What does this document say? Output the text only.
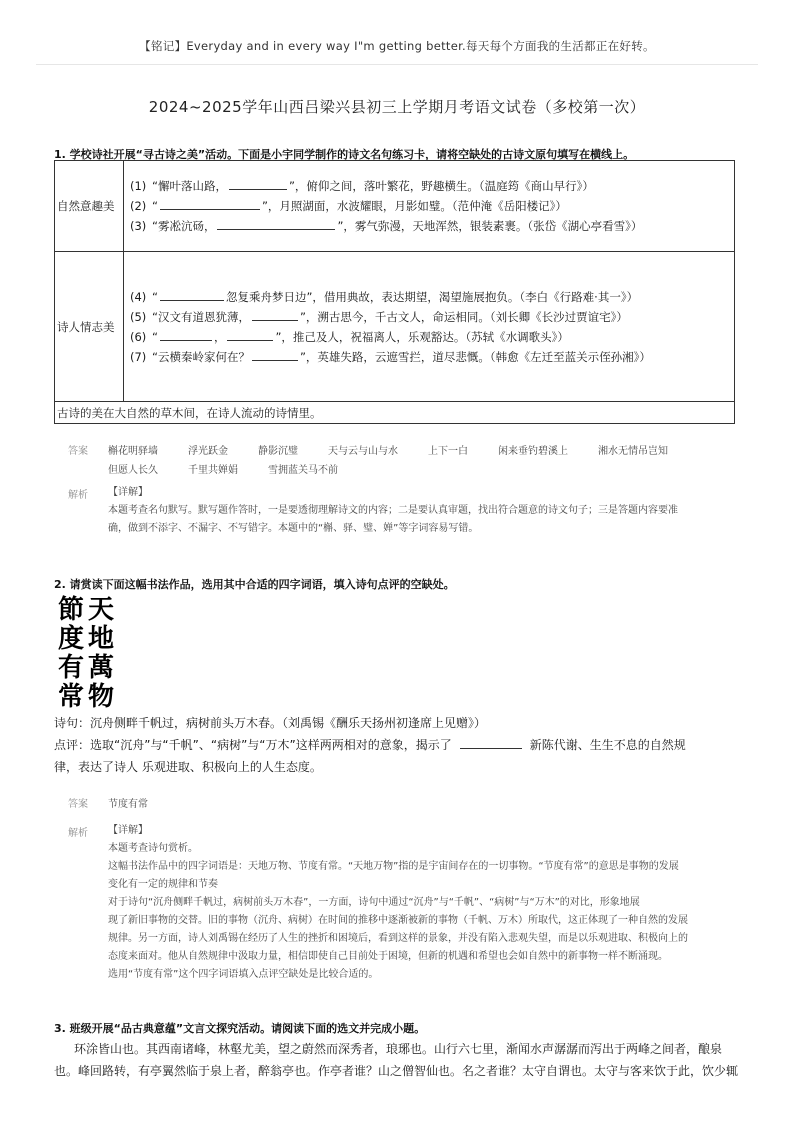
【铭记】Everyday and in every way I"m getting better.每天每个方面我的生活都正在好转。
2024~2025学年山西吕梁兴县初三上学期月考语文试卷（多校第一次）
1. 学校诗社开展“寻古诗之美”活动。下面是小宇同学制作的诗文名句练习卡，请将空缺处的古诗文原句填写在横线上。
自然意趣美	(1) “懈叶落山路， ”，俯仰之间，落叶繁花，野趣横生。（温庭筠《商山早行》）
(2) “ ”，月照湖面，水波耀眼，月影如璧。（范仲淹《岳阳楼记》）
(3) “雾凇沆砀， ”，雾气弥漫，天地浑然，银装素裹。（张岱《湖心亭看雪》）

诗人情志美	(4) “ 忽复乘舟梦日边”，借用典故，表达期望，渴望施展抱负。（李白《行路难·其一》）
(5) “汉文有道恩犹薄， ”，溯古思今，千古文人，命运相同。（刘长卿《长沙过贾谊宅》）
(6) “ ， ”，推己及人，祝福离人，乐观豁达。（苏轼《水调歌头》）
(7) “云横秦岭家何在？ ”，英雄失路，云遮雪拦，道尽悲慨。（韩愈《左迁至蓝关示侄孙湘》）

古诗的美在大自然的草木间，在诗人流动的诗情里。	
答案 槲花明驿墙	浮光跃金	静影沉璧	天与云与山与水	上下一白	闲来垂钓碧溪上	湘水无情吊岂知
但愿人长久	千里共婵娟	雪拥蓝关马不前
解析 【详解】
本题考查名句默写。默写题作答时，一是要透彻理解诗文的内容；二是要认真审题，找出符合题意的诗文句子；三是答题内容要准
确，做到不添字、不漏字、不写错字。本题中的“槲、驿、璧、婵”等字词容易写错。
2. 请赏读下面这幅书法作品，选用其中合适的四字词语，填入诗句点评的空缺处。
天
地
萬
物
節
度
有
常
诗句：沉舟侧畔千帆过，病树前头万木春。（刘禹锡《酬乐天扬州初逢席上见赠》）
点评：选取“沉舟”与“千帆”、“病树”与“万木”这样两两相对的意象，揭示了	新陈代谢、生生不息的自然规
律，表达了诗人 乐观进取、积极向上的人生态度。
答案 节度有常
解析 【详解】
本题考查诗句赏析。
这幅书法作品中的四字词语是：天地万物、节度有常。“天地万物”指的是宇宙间存在的一切事物。“节度有常”的意思是事物的发展
变化有一定的规律和节奏
对于诗句“沉舟侧畔千帆过，病树前头万木春”，一方面，诗句中通过“沉舟”与“千帆”、“病树”与“万木”的对比，形象地展
现了新旧事物的交替。旧的事物（沉舟、病树）在时间的推移中逐渐被新的事物（千帆、万木）所取代，这正体现了一种自然的发展
规律。另一方面，诗人刘禹锡在经历了人生的挫折和困境后，看到这样的景象，并没有陷入悲观失望，而是以乐观进取、积极向上的
态度来面对。他从自然规律中汲取力量，相信即使自己目前处于困境，但新的机遇和希望也会如自然中的新事物一样不断涌现。
选用“节度有常”这个四字词语填入点评空缺处是比较合适的。
3. 班级开展“品古典意蕴”文言文探究活动。请阅读下面的选文并完成小题。
环涂皆山也。其西南诸峰，林壑尤美，望之蔚然而深秀者，琅琊也。山行六七里，渐闻水声潺潺而泻出于两峰之间者，酿泉
也。峰回路转，有亭翼然临于泉上者，醉翁亭也。作亭者谁？山之僧智仙也。名之者谁？太守自谓也。太守与客来饮于此，饮少辄
